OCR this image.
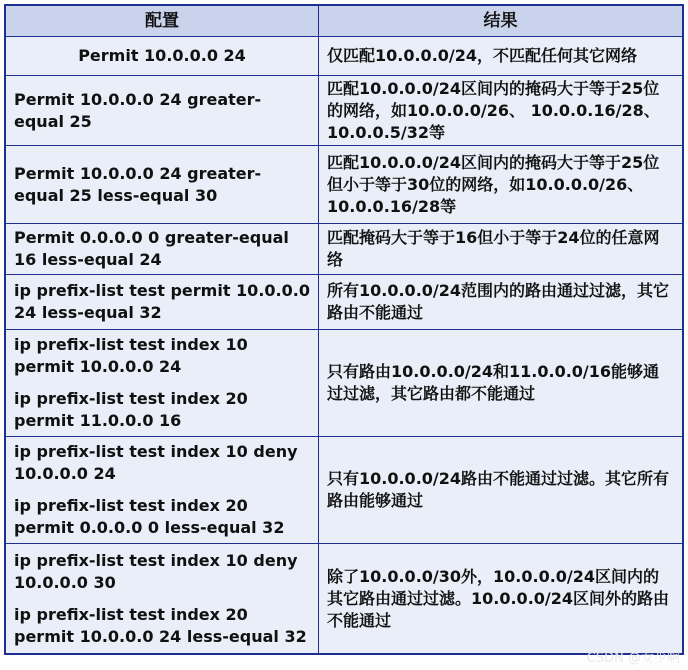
配置	结果
Permit 10.0.0.0 24	仅匹配10.0.0.0/24，不匹配任何其它网络
Permit 10.0.0.0 24 greater-equal 25
匹配10.0.0.0/24区间内的掩码大于等于25位的网络，如10.0.0.0/26、 10.0.0.16/28、10.0.0.5/32等
Permit 10.0.0.0 24 greater-equal 25 less-equal 30
匹配10.0.0.0/24区间内的掩码大于等于25位但小于等于30位的网络，如10.0.0.0/26、10.0.0.16/28等
Permit 0.0.0.0 0 greater-equal 16 less-equal 24
匹配掩码大于等于16但小于等于24位的任意网络
ip prefix-list test permit 10.0.0.0 24 less-equal 32
所有10.0.0.0/24范围内的路由通过过滤，其它路由不能通过
ip prefix-list test index 10 permit 10.0.0.0 24
ip prefix-list test index 20 permit 11.0.0.0 16
只有路由10.0.0.0/24和11.0.0.0/16能够通过过滤，其它路由都不能通过
ip prefix-list test index 10 deny 10.0.0.0 24
ip prefix-list test index 20 permit 0.0.0.0 0 less-equal 32
只有10.0.0.0/24路由不能通过过滤。其它所有路由能够通过
ip prefix-list test index 10 deny 10.0.0.0 30
ip prefix-list test index 20 permit 10.0.0.0 24 less-equal 32
除了10.0.0.0/30外，10.0.0.0/24区间内的其它路由通过过滤。10.0.0.0/24区间外的路由不能通过
CSDN @女少啊
